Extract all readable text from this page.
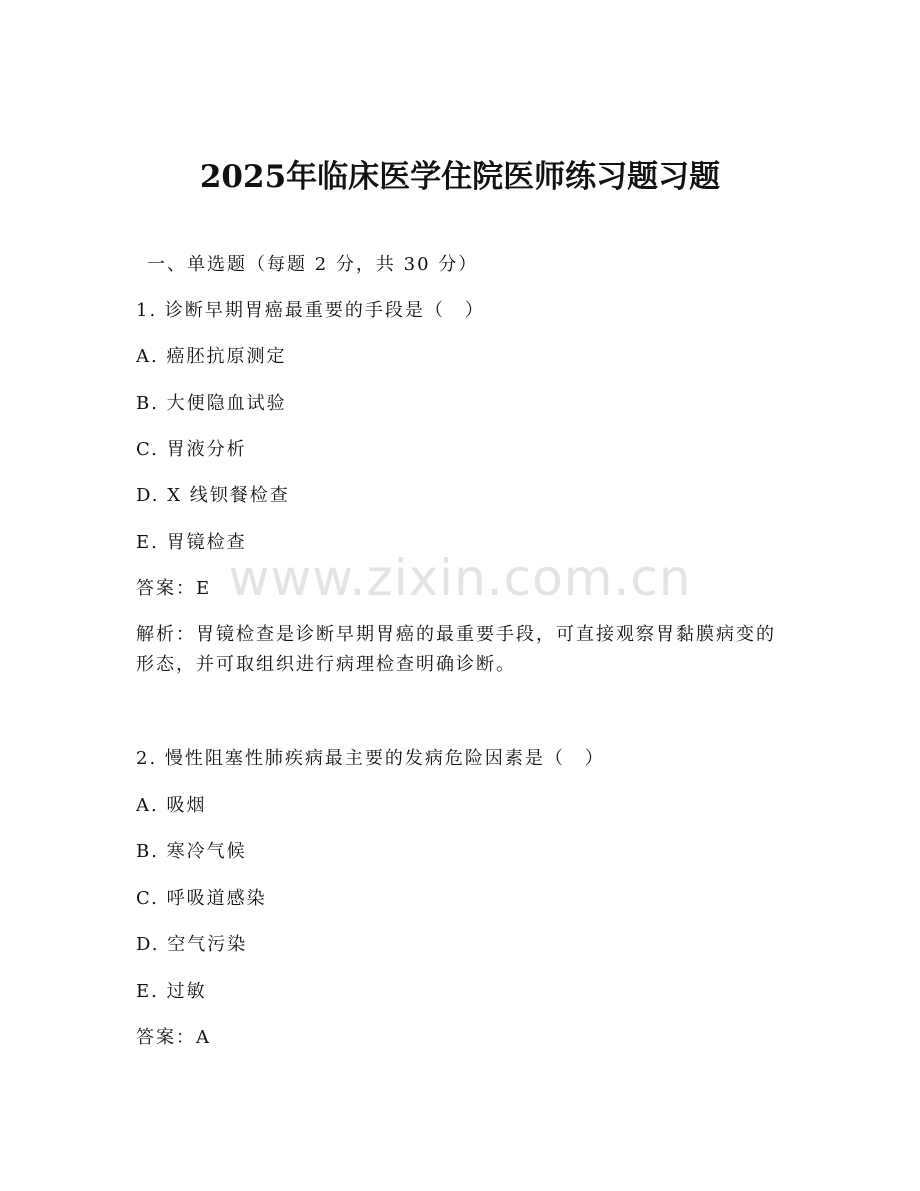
2025年临床医学住院医师练习题习题
一、单选题（每题 2 分，共 30 分）
1. 诊断早期胃癌最重要的手段是（　）
A. 癌胚抗原测定
B. 大便隐血试验
C. 胃液分析
D. X 线钡餐检查
E. 胃镜检查
答案：E
解析：胃镜检查是诊断早期胃癌的最重要手段，可直接观察胃黏膜病变的形态，并可取组织进行病理检查明确诊断。
2. 慢性阻塞性肺疾病最主要的发病危险因素是（　）
A. 吸烟
B. 寒冷气候
C. 呼吸道感染
D. 空气污染
E. 过敏
答案：A
www.zixin.com.cn
